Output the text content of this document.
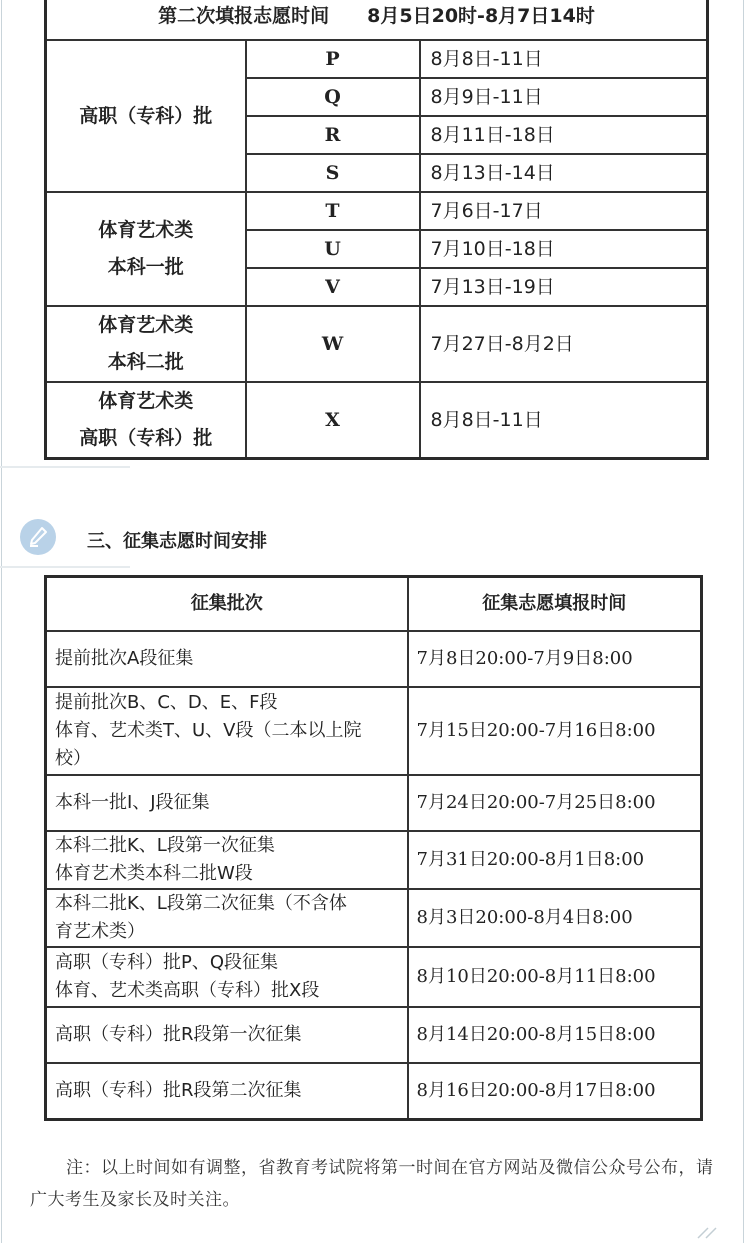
第二次填报志愿时间　　8月5日20时-8月7日14时		

高职（专科）批	P	8月8日-11日
	Q	8月9日-11日
	R	8月11日-18日
	S	8月13日-14日

体育艺术类
本科一批	T	7月6日-17日
	U	7月10日-18日
	V	7月13日-19日

体育艺术类
本科二批	W	7月27日-8月2日

体育艺术类
高职（专科）批	X	8月8日-11日
三、征集志愿时间安排
征集批次	征集志愿填报时间

提前批次A段征集	7月8日20:00-7月9日8:00

提前批次B、C、D、E、F段
体育、艺术类T、U、V段（二本以上院
校）	7月15日20:00-7月16日8:00

本科一批I、J段征集	7月24日20:00-7月25日8:00

本科二批K、L段第一次征集
体育艺术类本科二批W段	7月31日20:00-8月1日8:00

本科二批K、L段第二次征集（不含体
育艺术类）	8月3日20:00-8月4日8:00

高职（专科）批P、Q段征集
体育、艺术类高职（专科）批X段	8月10日20:00-8月11日8:00

高职（专科）批R段第一次征集	8月14日20:00-8月15日8:00

高职（专科）批R段第二次征集	8月16日20:00-8月17日8:00
注：以上时间如有调整，省教育考试院将第一时间在官方网站及微信公众号公布，请广大考生及家长及时关注。
